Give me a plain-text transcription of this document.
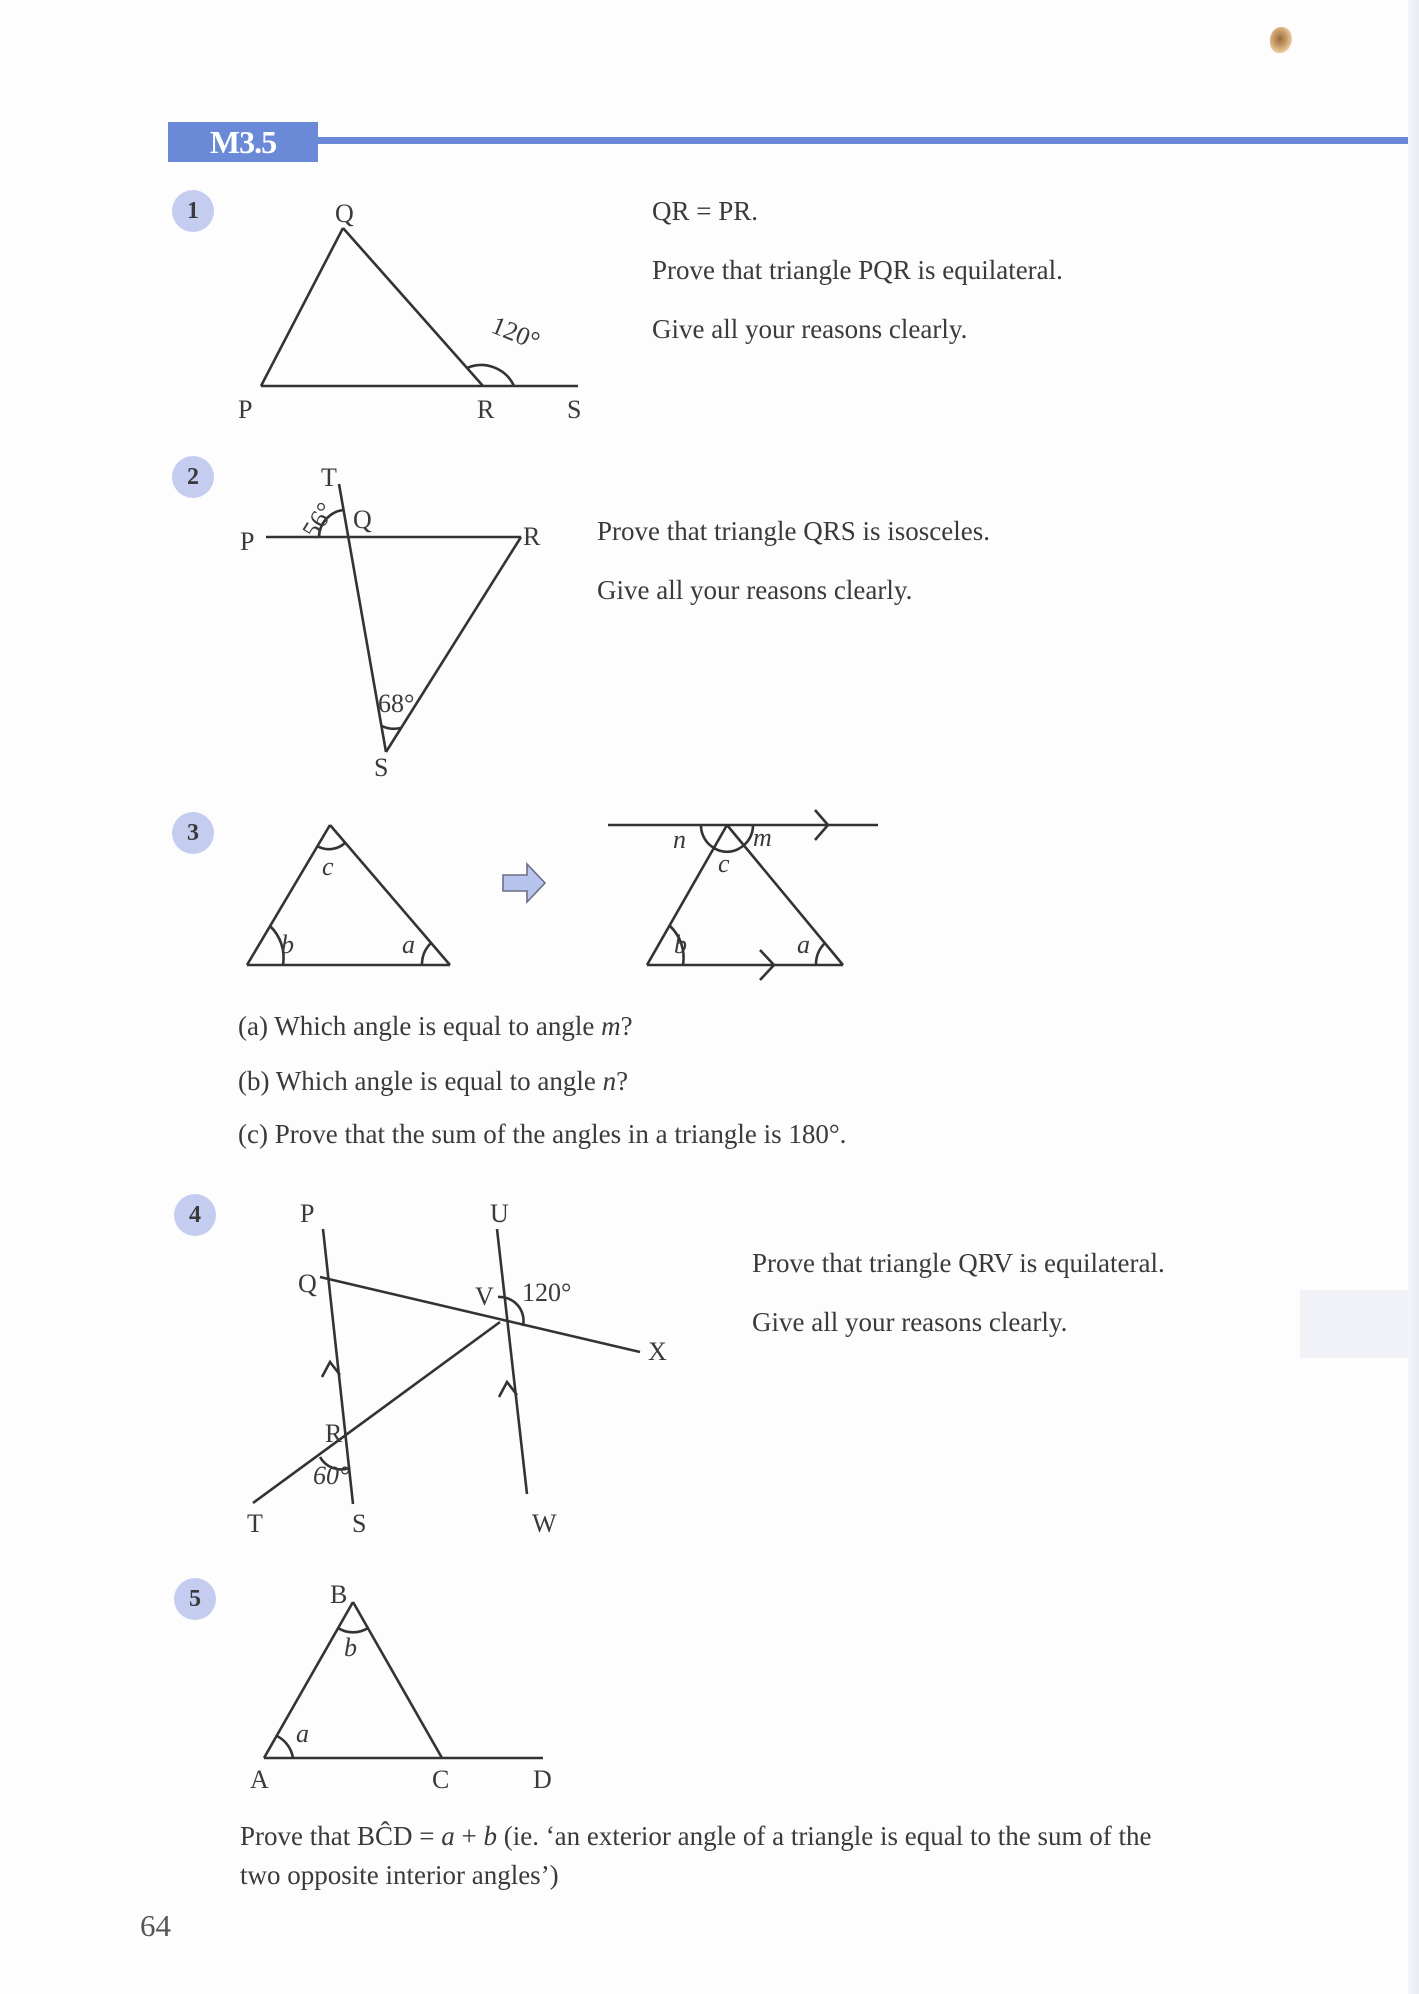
M3.5
1	Q
P	R	S
120°
QR = PR.
Prove that triangle PQR is equilateral.
Give all your reasons clearly.
2	T
P
Q
R
S
56°
68°
Prove that triangle QRS is isosceles.
Give all your reasons clearly.
3
c
b	a
n	m
c
b	a
(a) Which angle is equal to angle m?
(b) Which angle is equal to angle n?
(c) Prove that the sum of the angles in a triangle is 180°.
4	P
Q
R
T	S
U
V
X
W
120°
60°
Prove that triangle QRV is equilateral.
Give all your reasons clearly.
5	B
A	C	D
b
a
Prove that BĈD = a + b (ie. ‘an exterior angle of a triangle is equal to the sum of the
two opposite interior angles’)
64
